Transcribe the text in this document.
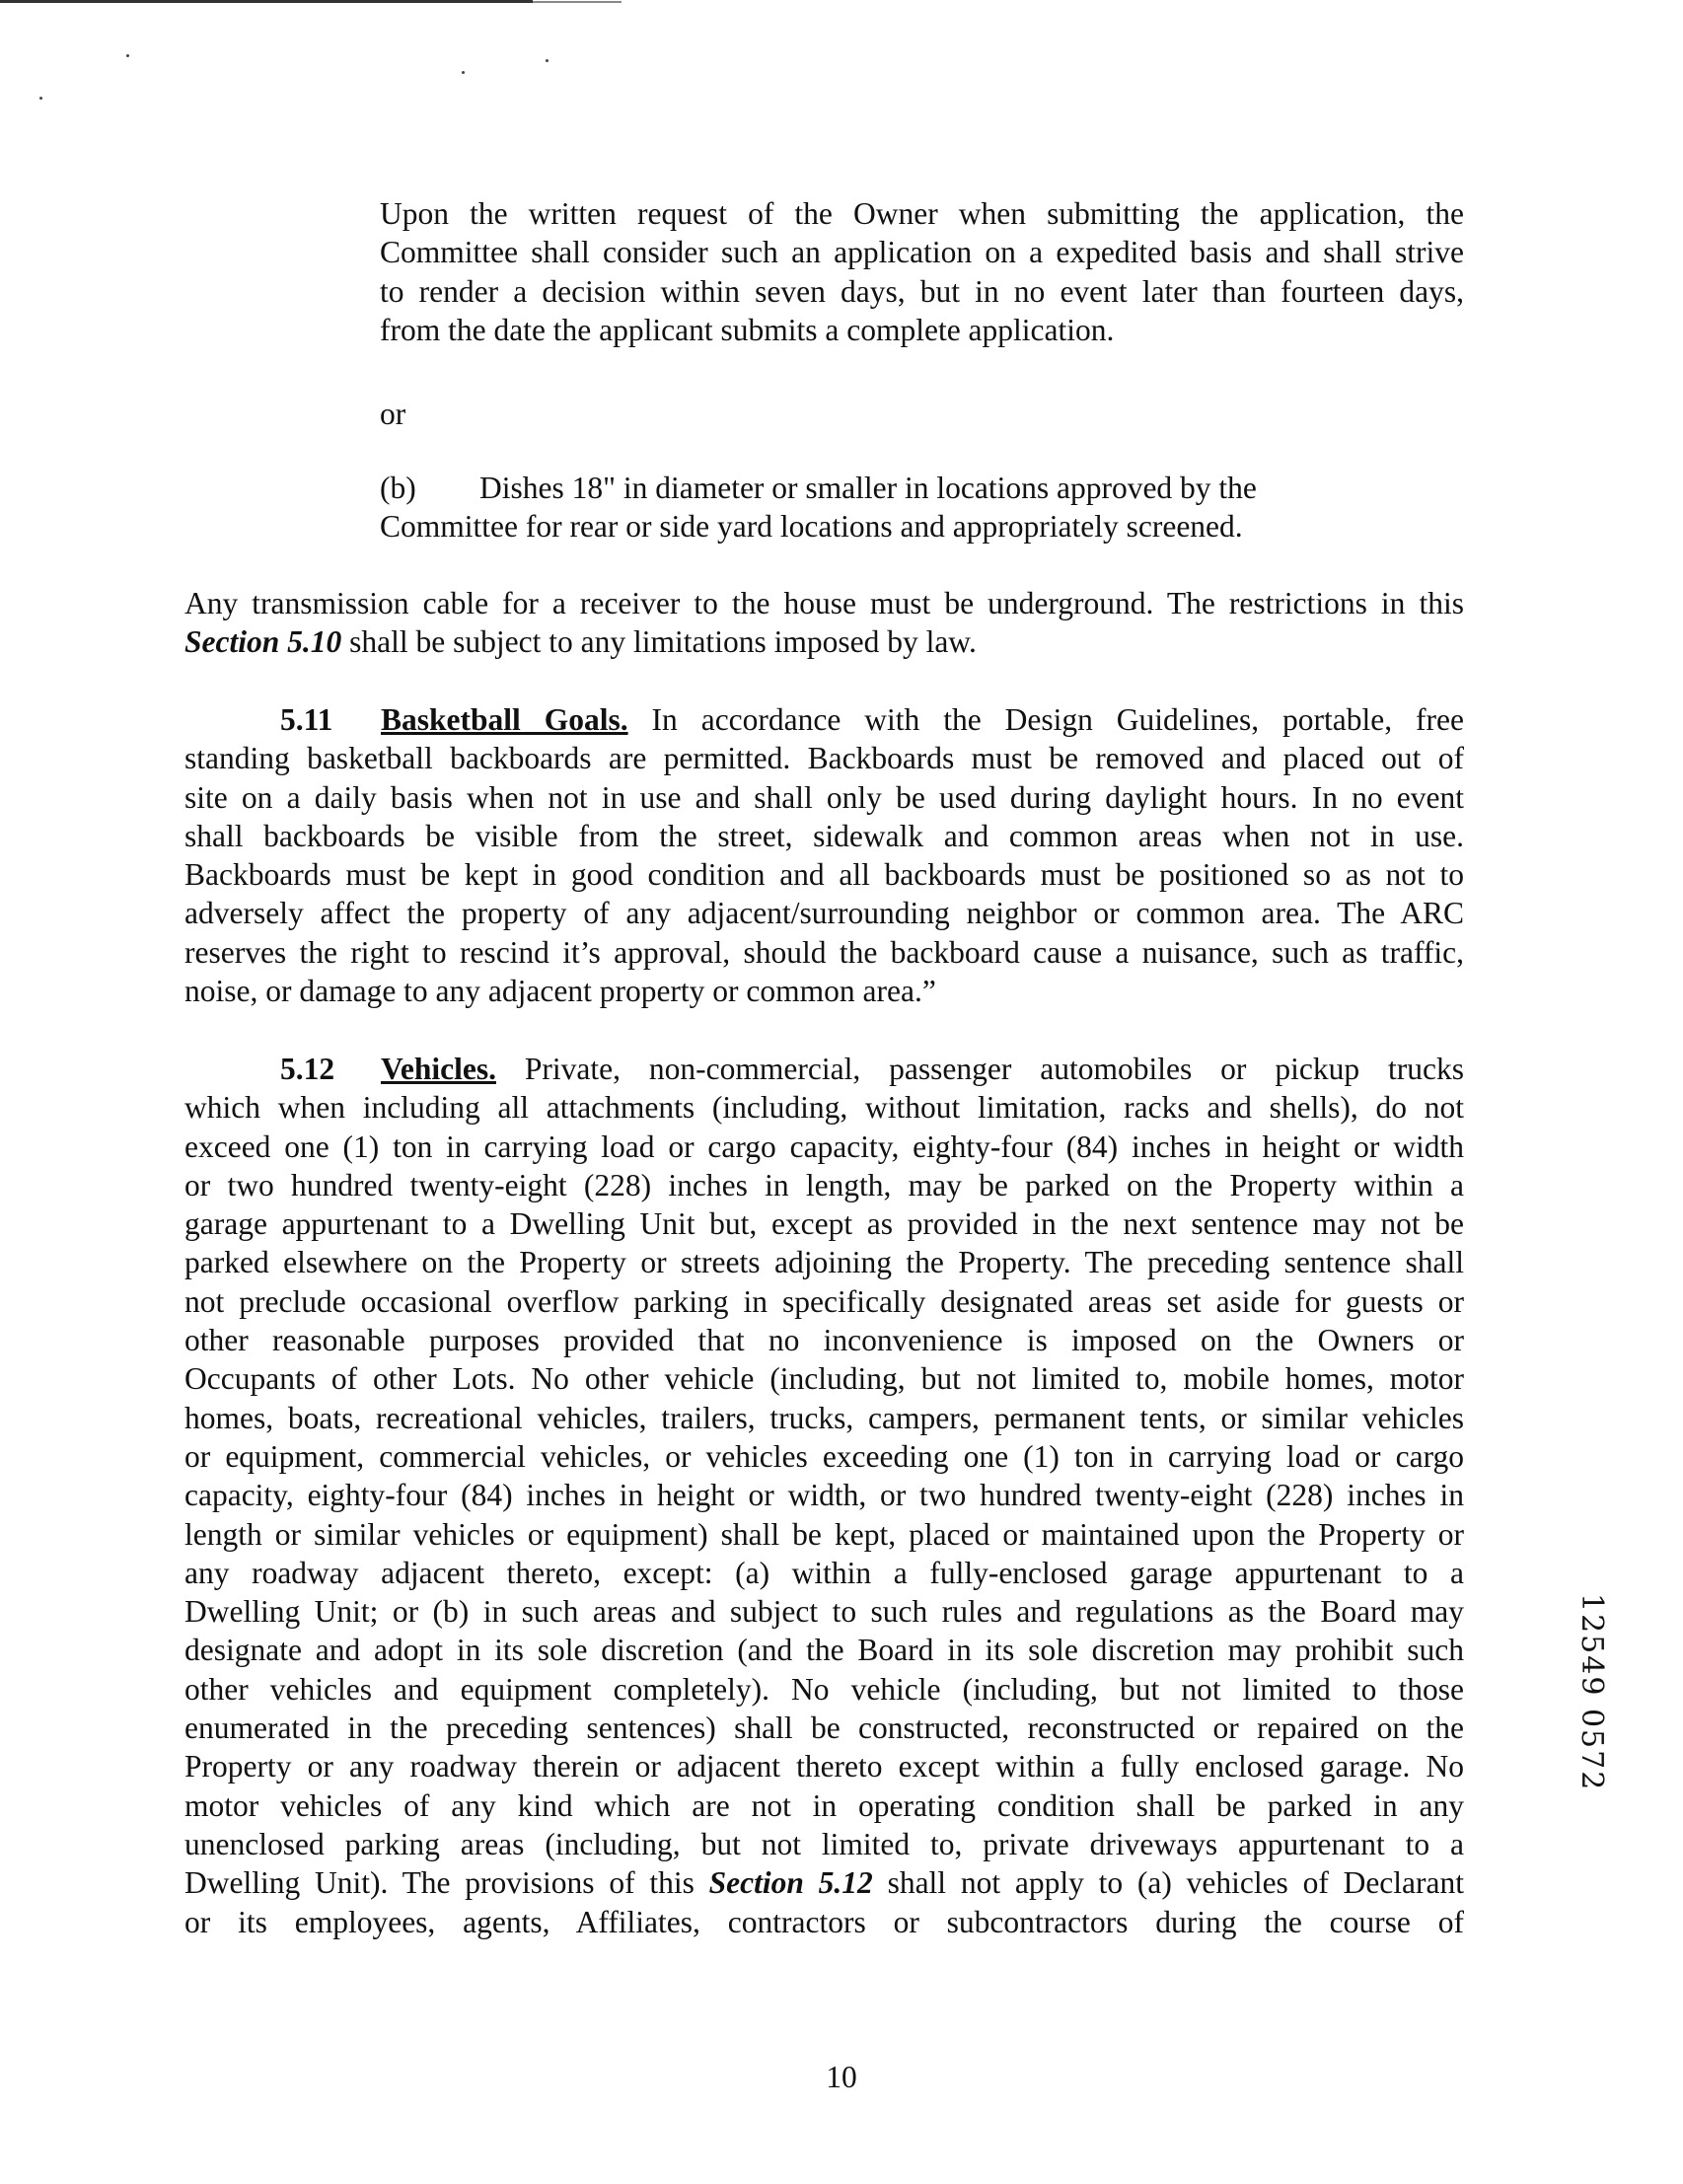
Upon the written request of the Owner when submitting the application, the
Committee shall consider such an application on a expedited basis and shall strive
to render a decision within seven days, but in no event later than fourteen days,

from the date the applicant submits a complete application.
or
(b) Dishes 18" in diameter or smaller in locations approved by the
Committee for rear or side yard locations and appropriately screened.
Any transmission cable for a receiver to the house must be underground. The restrictions in this

Section 5.10 shall be subject to any limitations imposed by law.
5.11 Basketball Goals. In accordance with the Design Guidelines, portable, free
standing basketball backboards are permitted. Backboards must be removed and placed out of
site on a daily basis when not in use and shall only be used during daylight hours. In no event
shall backboards be visible from the street, sidewalk and common areas when not in use.
Backboards must be kept in good condition and all backboards must be positioned so as not to
adversely affect the property of any adjacent/surrounding neighbor or common area. The ARC
reserves the right to rescind it’s approval, should the backboard cause a nuisance, such as traffic,

noise, or damage to any adjacent property or common area.”
5.12 Vehicles. Private, non-commercial, passenger automobiles or pickup trucks
which when including all attachments (including, without limitation, racks and shells), do not
exceed one (1) ton in carrying load or cargo capacity, eighty-four (84) inches in height or width
or two hundred twenty-eight (228) inches in length, may be parked on the Property within a
garage appurtenant to a Dwelling Unit but, except as provided in the next sentence may not be
parked elsewhere on the Property or streets adjoining the Property. The preceding sentence shall
not preclude occasional overflow parking in specifically designated areas set aside for guests or
other reasonable purposes provided that no inconvenience is imposed on the Owners or
Occupants of other Lots. No other vehicle (including, but not limited to, mobile homes, motor
homes, boats, recreational vehicles, trailers, trucks, campers, permanent tents, or similar vehicles
or equipment, commercial vehicles, or vehicles exceeding one (1) ton in carrying load or cargo
capacity, eighty-four (84) inches in height or width, or two hundred twenty-eight (228) inches in
length or similar vehicles or equipment) shall be kept, placed or maintained upon the Property or
any roadway adjacent thereto, except: (a) within a fully-enclosed garage appurtenant to a
Dwelling Unit; or (b) in such areas and subject to such rules and regulations as the Board may
designate and adopt in its sole discretion (and the Board in its sole discretion may prohibit such
other vehicles and equipment completely). No vehicle (including, but not limited to those
enumerated in the preceding sentences) shall be constructed, reconstructed or repaired on the
Property or any roadway therein or adjacent thereto except within a fully enclosed garage. No
motor vehicles of any kind which are not in operating condition shall be parked in any
unenclosed parking areas (including, but not limited to, private driveways appurtenant to a
Dwelling Unit). The provisions of this Section 5.12 shall not apply to (a) vehicles of Declarant
or its employees, agents, Affiliates, contractors or subcontractors during the course of
12549 0572
10
